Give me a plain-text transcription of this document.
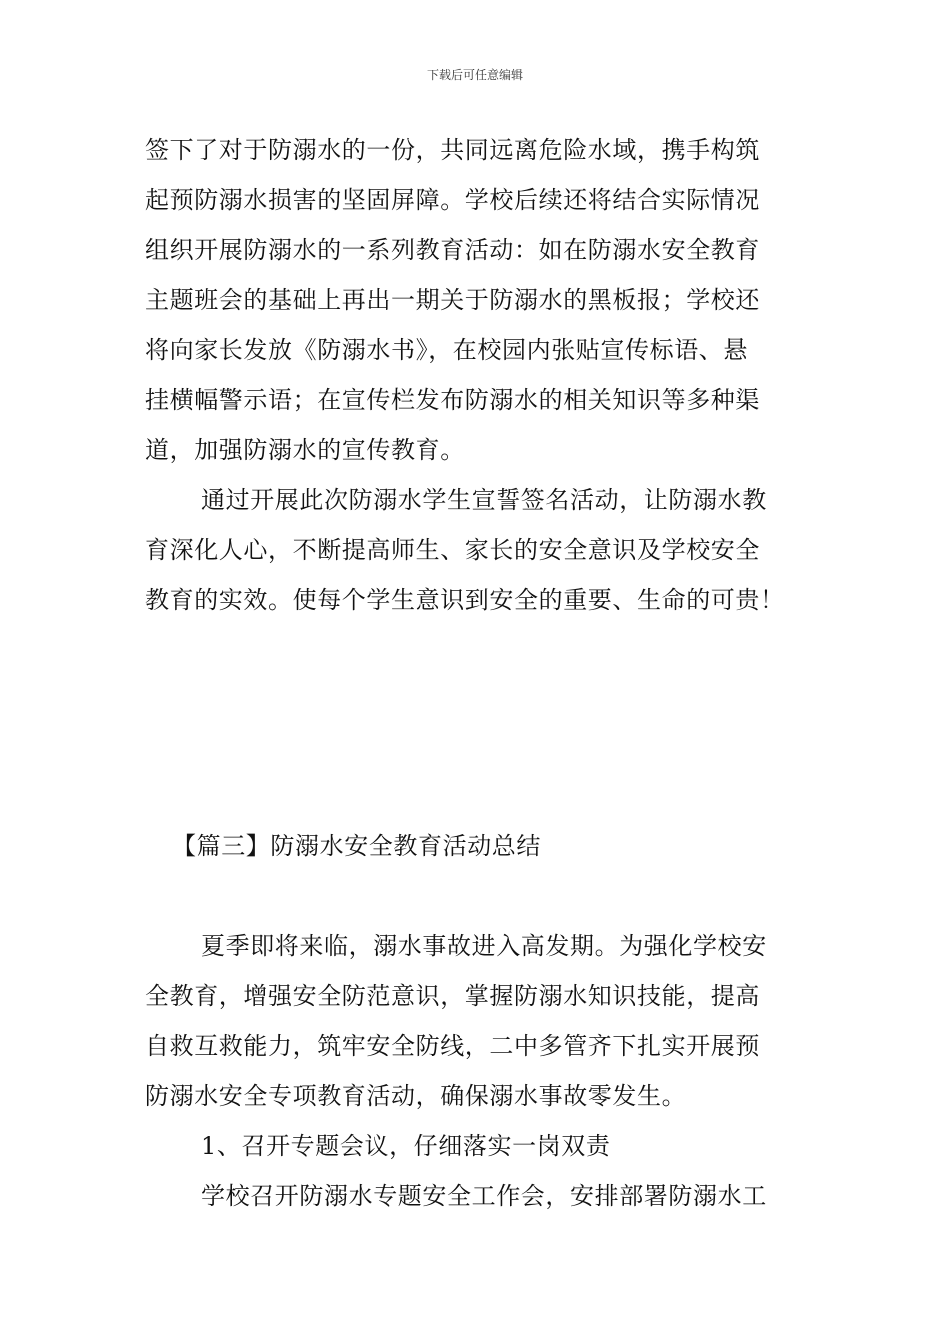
下载后可任意编辑
签下了对于防溺水的一份，共同远离危险水域，携手构筑
起预防溺水损害的坚固屏障。学校后续还将结合实际情况
组织开展防溺水的一系列教育活动：如在防溺水安全教育
主题班会的基础上再出一期关于防溺水的黑板报；学校还
将向家长发放《防溺水书》，在校园内张贴宣传标语、悬
挂横幅警示语；在宣传栏发布防溺水的相关知识等多种渠
道，加强防溺水的宣传教育。
通过开展此次防溺水学生宣誓签名活动，让防溺水教
育深化人心，不断提高师生、家长的安全意识及学校安全
教育的实效。使每个学生意识到安全的重要、生命的可贵！
【篇三】防溺水安全教育活动总结
夏季即将来临，溺水事故进入高发期。为强化学校安
全教育，增强安全防范意识，掌握防溺水知识技能，提高
自救互救能力，筑牢安全防线，二中多管齐下扎实开展预
防溺水安全专项教育活动，确保溺水事故零发生。
1、召开专题会议，仔细落实一岗双责
学校召开防溺水专题安全工作会，安排部署防溺水工
